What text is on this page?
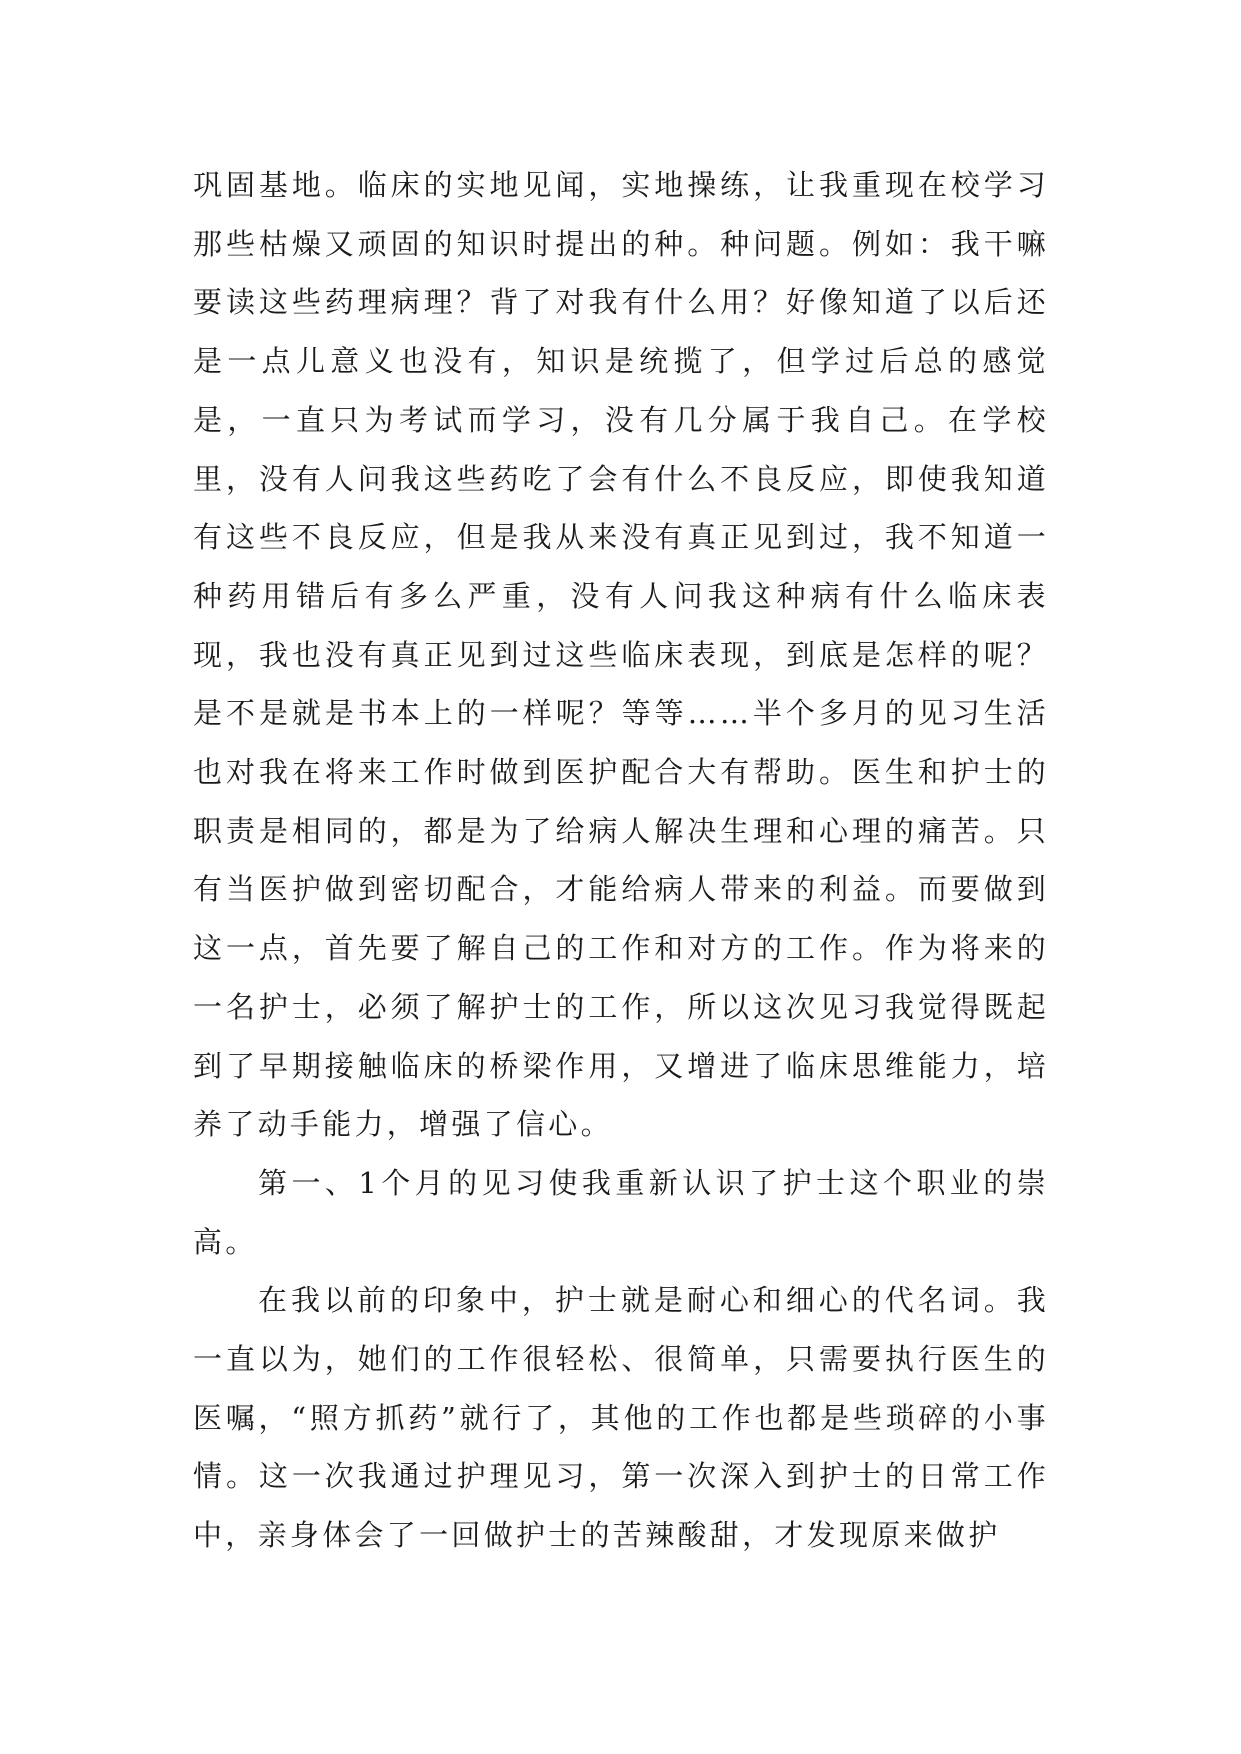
巩固基地。临床的实地见闻，实地操练，让我重现在校学习那些枯燥又顽固的知识时提出的种。种问题。例如：我干嘛要读这些药理病理？背了对我有什么用？好像知道了以后还是一点儿意义也没有，知识是统揽了，但学过后总的感觉是，一直只为考试而学习，没有几分属于我自己。在学校里，没有人问我这些药吃了会有什么不良反应，即使我知道有这些不良反应，但是我从来没有真正见到过，我不知道一种药用错后有多么严重，没有人问我这种病有什么临床表现，我也没有真正见到过这些临床表现，到底是怎样的呢？是不是就是书本上的一样呢？等等……半个多月的见习生活也对我在将来工作时做到医护配合大有帮助。医生和护士的职责是相同的，都是为了给病人解决生理和心理的痛苦。只有当医护做到密切配合，才能给病人带来的利益。而要做到这一点，首先要了解自己的工作和对方的工作。作为将来的一名护士，必须了解护士的工作，所以这次见习我觉得既起到了早期接触临床的桥梁作用，又增进了临床思维能力，培养了动手能力，增强了信心。

第一、1个月的见习使我重新认识了护士这个职业的崇高。

在我以前的印象中，护士就是耐心和细心的代名词。我一直以为，她们的工作很轻松、很简单，只需要执行医生的医嘱，“照方抓药”就行了，其他的工作也都是些琐碎的小事情。这一次我通过护理见习，第一次深入到护士的日常工作中，亲身体会了一回做护士的苦辣酸甜，才发现原来做护
